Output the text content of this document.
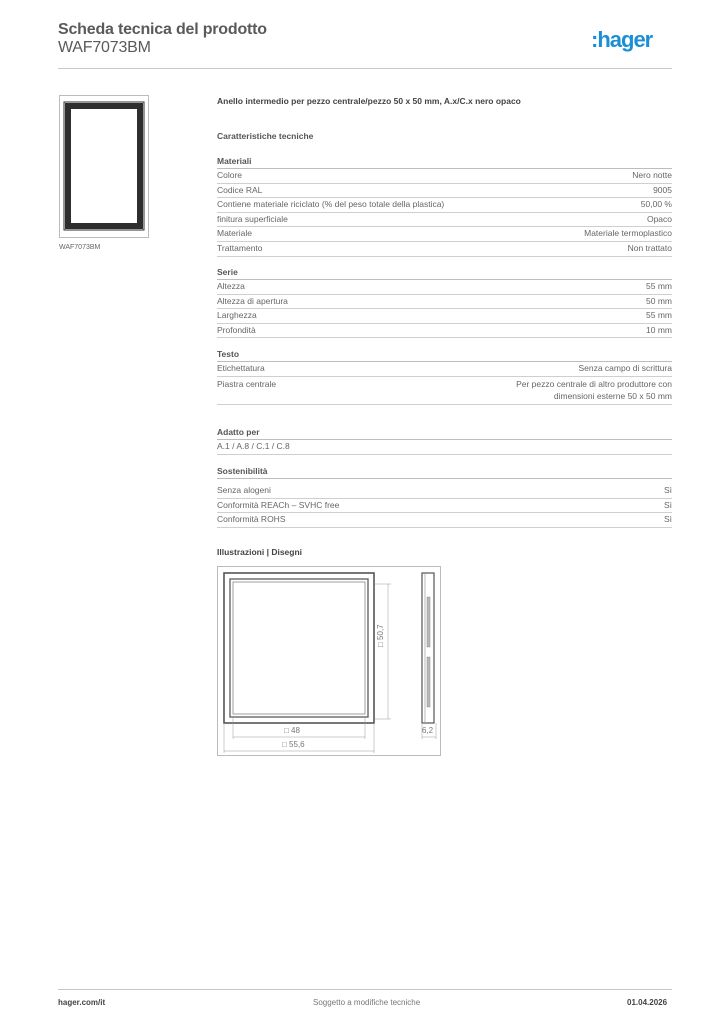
Scheda tecnica del prodotto
WAF7073BM	:hager
WAF7073BM
Anello intermedio per pezzo centrale/pezzo 50 x 50 mm, A.x/C.x nero opaco
Caratteristiche tecniche
Materiali
Colore	Nero notte
Codice RAL	9005
Contiene materiale riciclato (% del peso totale della plastica)	50,00 %
finitura superficiale	Opaco
Materiale	Materiale termoplastico
Trattamento	Non trattato
Serie
Altezza	55 mm
Altezza di apertura	50 mm
Larghezza	55 mm
Profondità	10 mm
Testo
Etichettatura	Senza campo di scrittura
Piastra centrale	Per pezzo centrale di altro produttore con
dimensioni esterne 50 x 50 mm
Adatto per
A.1 / A.8 / C.1 / C.8
Sostenibilità
Senza alogeni	Sì
Conformità REACh – SVHC free	Sì
Conformità ROHS	Sì
Illustrazioni | Disegni
□ 50,7
□ 48
□ 55,6
6,2
hager.com/it	Soggetto a modifiche tecniche	01.04.2026
